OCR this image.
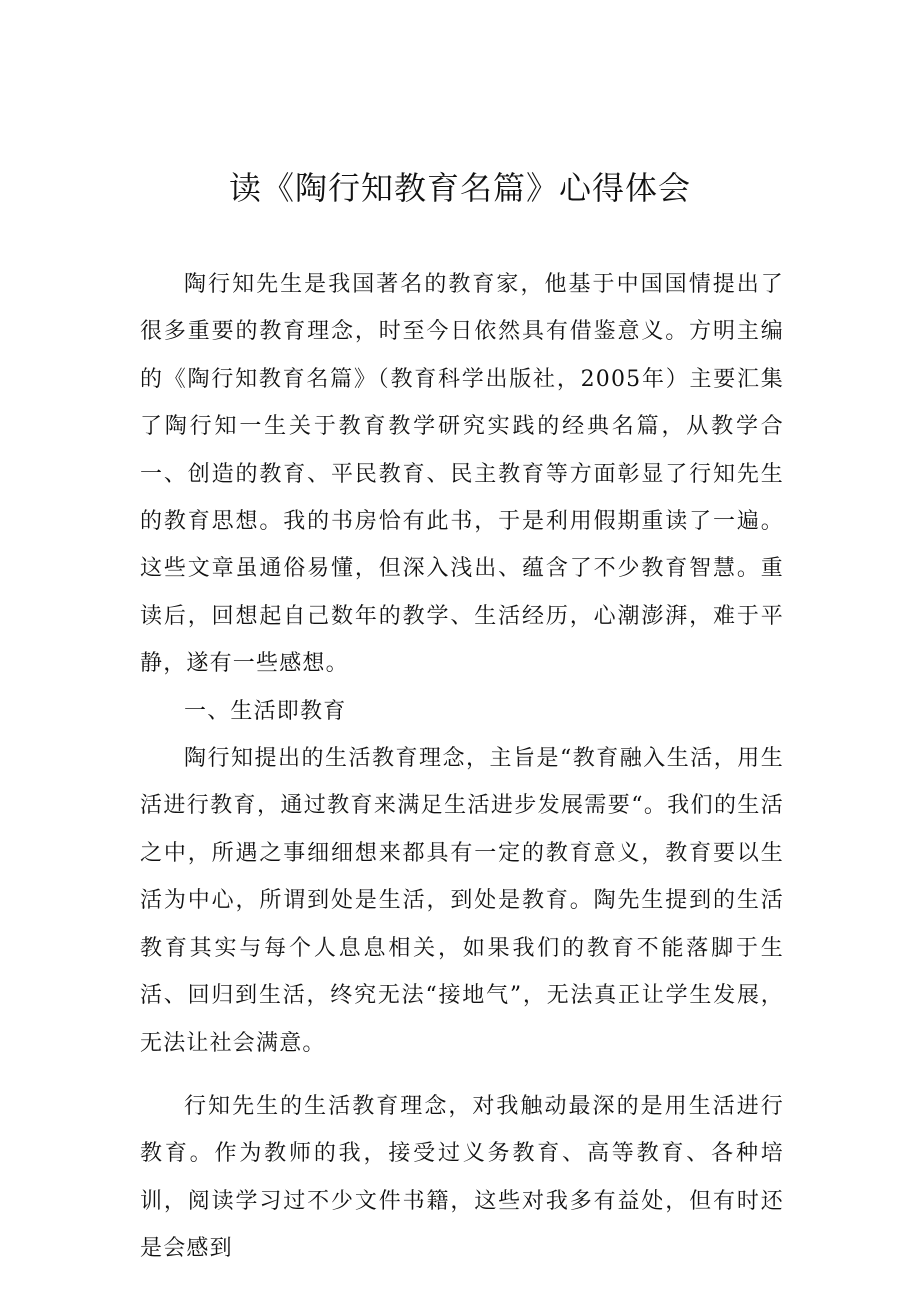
读《陶行知教育名篇》心得体会

陶行知先生是我国著名的教育家，他基于中国国情提出了很多重要的教育理念，时至今日依然具有借鉴意义。方明主编的《陶行知教育名篇》（教育科学出版社，2005年）主要汇集了陶行知一生关于教育教学研究实践的经典名篇，从教学合一、创造的教育、平民教育、民主教育等方面彰显了行知先生的教育思想。我的书房恰有此书，于是利用假期重读了一遍。这些文章虽通俗易懂，但深入浅出、蕴含了不少教育智慧。重读后，回想起自己数年的教学、生活经历，心潮澎湃，难于平静，遂有一些感想。

一、生活即教育

陶行知提出的生活教育理念，主旨是“教育融入生活，用生活进行教育，通过教育来满足生活进步发展需要“。我们的生活之中，所遇之事细细想来都具有一定的教育意义，教育要以生活为中心，所谓到处是生活，到处是教育。陶先生提到的生活教育其实与每个人息息相关，如果我们的教育不能落脚于生活、回归到生活，终究无法“接地气”，无法真正让学生发展，无法让社会满意。

行知先生的生活教育理念，对我触动最深的是用生活进行教育。作为教师的我，接受过义务教育、高等教育、各种培训，阅读学习过不少文件书籍，这些对我多有益处，但有时还是会感到
